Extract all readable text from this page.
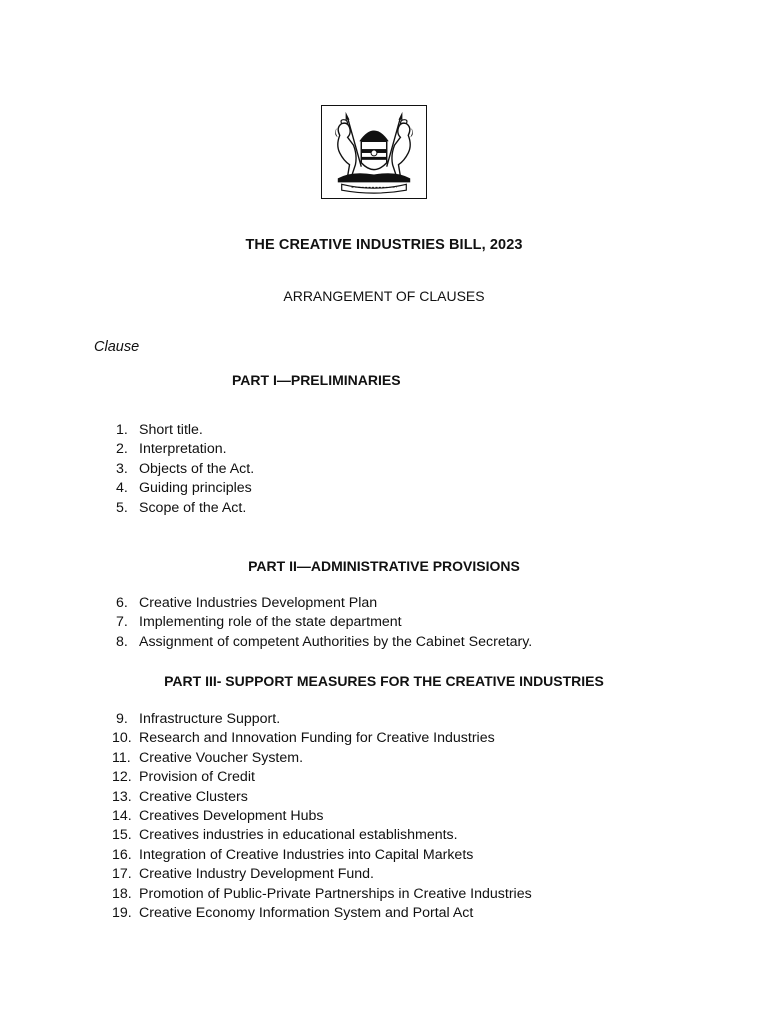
THE CREATIVE INDUSTRIES BILL, 2023
ARRANGEMENT OF CLAUSES
Clause
PART I—PRELIMINARIES
1. Short title.
2. Interpretation.
3. Objects of the Act.
4. Guiding principles
5. Scope of the Act.
PART II—ADMINISTRATIVE PROVISIONS
6. Creative Industries Development Plan
7. Implementing role of the state department
8. Assignment of competent Authorities by the Cabinet Secretary.
PART III- SUPPORT MEASURES FOR THE CREATIVE INDUSTRIES
9. Infrastructure Support.
10. Research and Innovation Funding for Creative Industries
11. Creative Voucher System.
12. Provision of Credit
13. Creative Clusters
14. Creatives Development Hubs
15. Creatives industries in educational establishments.
16. Integration of Creative Industries into Capital Markets
17. Creative Industry Development Fund.
18. Promotion of Public-Private Partnerships in Creative Industries
19. Creative Economy Information System and Portal Act
